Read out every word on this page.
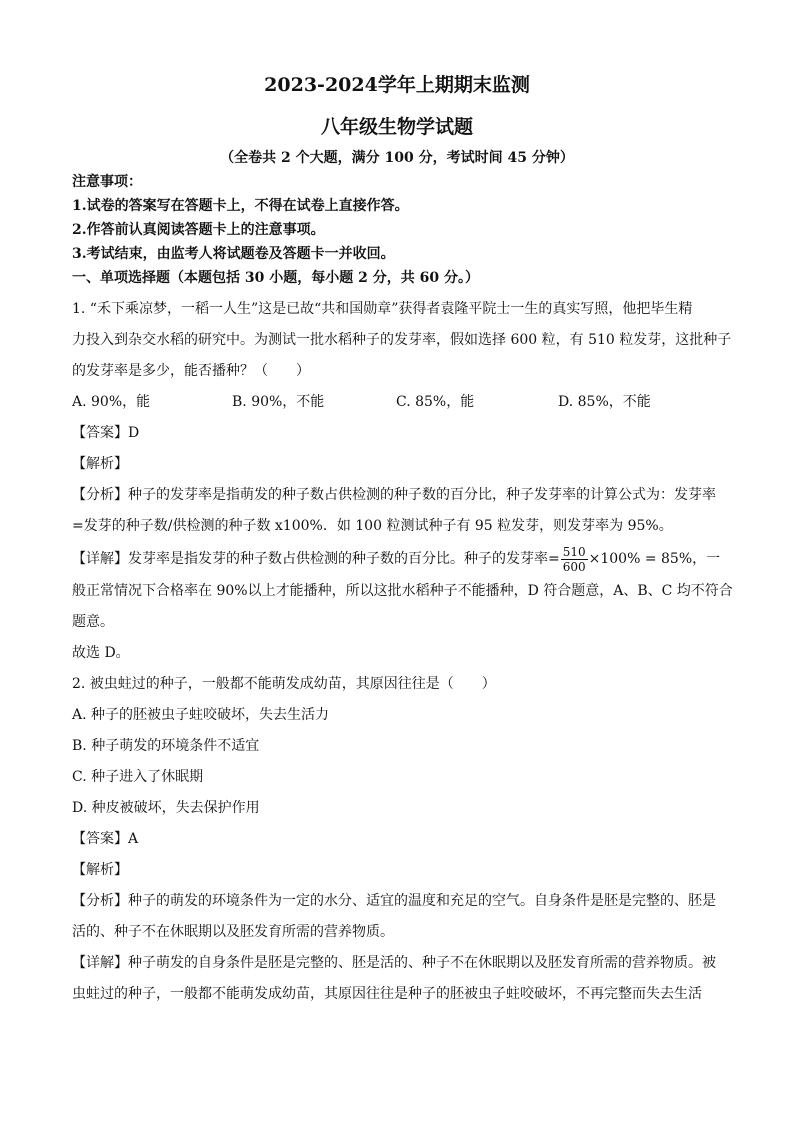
2023-2024学年上期期末监测
八年级生物学试题
（全卷共 2 个大题，满分 100 分，考试时间 45 分钟）
注意事项：
1.试卷的答案写在答题卡上，不得在试卷上直接作答。
2.作答前认真阅读答题卡上的注意事项。
3.考试结束，由监考人将试题卷及答题卡一并收回。
一、单项选择题（本题包括 30 小题，每小题 2 分，共 60 分。）
1. “禾下乘凉梦，一稻一人生”这是已故“共和国勋章”获得者袁隆平院士一生的真实写照，他把毕生精
力投入到杂交水稻的研究中。为测试一批水稻种子的发芽率，假如选择 600 粒，有 510 粒发芽，这批种子
的发芽率是多少，能否播种？（　　）
A. 90%，能	B. 90%，不能	C. 85%，能	D. 85%，不能
【答案】D
【解析】
【分析】种子的发芽率是指萌发的种子数占供检测的种子数的百分比，种子发芽率的计算公式为：发芽率
=发芽的种子数/供检测的种子数 x100%．如 100 粒测试种子有 95 粒发芽，则发芽率为 95%。
【详解】发芽率是指发芽的种子数占供检测的种子数的百分比。种子的发芽率= $\frac{510}{600} \times 100\% = 85\%$，一
般正常情况下合格率在 90%以上才能播种，所以这批水稻种子不能播种，D 符合题意，A、B、C 均不符合
题意。
故选 D。
2. 被虫蛀过的种子，一般都不能萌发成幼苗，其原因往往是（　　）
A. 种子的胚被虫子蛀咬破坏，失去生活力
B. 种子萌发的环境条件不适宜
C. 种子进入了休眠期
D. 种皮被破坏，失去保护作用
【答案】A
【解析】
【分析】种子的萌发的环境条件为一定的水分、适宜的温度和充足的空气。自身条件是胚是完整的、胚是
活的、种子不在休眠期以及胚发育所需的营养物质。
【详解】种子萌发的自身条件是胚是完整的、胚是活的、种子不在休眠期以及胚发育所需的营养物质。被
虫蛀过的种子，一般都不能萌发成幼苗，其原因往往是种子的胚被虫子蛀咬破坏，不再完整而失去生活
